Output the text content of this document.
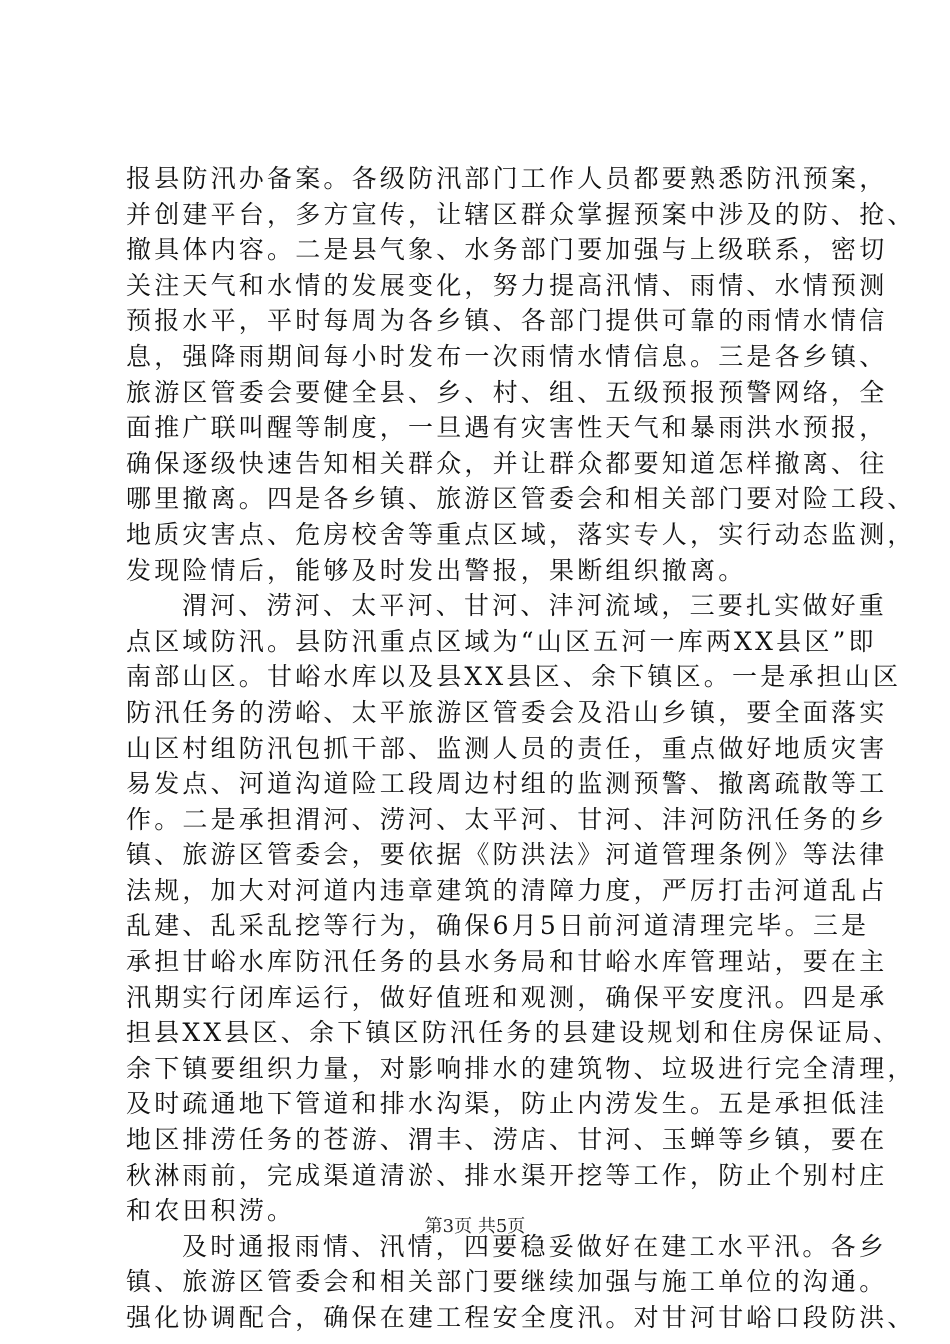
报县防汛办备案。各级防汛部门工作人员都要熟悉防汛预案，
并创建平台，多方宣传，让辖区群众掌握预案中涉及的防、抢、
撤具体内容。二是县气象、水务部门要加强与上级联系，密切
关注天气和水情的发展变化，努力提高汛情、雨情、水情预测
预报水平，平时每周为各乡镇、各部门提供可靠的雨情水情信
息，强降雨期间每小时发布一次雨情水情信息。三是各乡镇、
旅游区管委会要健全县、乡、村、组、五级预报预警网络，全
面推广联叫醒等制度，一旦遇有灾害性天气和暴雨洪水预报，
确保逐级快速告知相关群众，并让群众都要知道怎样撤离、往
哪里撤离。四是各乡镇、旅游区管委会和相关部门要对险工段、
地质灾害点、危房校舍等重点区域，落实专人，实行动态监测，
发现险情后，能够及时发出警报，果断组织撤离。
渭河、涝河、太平河、甘河、沣河流域，三要扎实做好重
点区域防汛。县防汛重点区域为“山区五河一库两XX县区”即
南部山区。甘峪水库以及县XX县区、余下镇区。一是承担山区
防汛任务的涝峪、太平旅游区管委会及沿山乡镇，要全面落实
山区村组防汛包抓干部、监测人员的责任，重点做好地质灾害
易发点、河道沟道险工段周边村组的监测预警、撤离疏散等工
作。二是承担渭河、涝河、太平河、甘河、沣河防汛任务的乡
镇、旅游区管委会，要依据《防洪法》河道管理条例》等法律
法规，加大对河道内违章建筑的清障力度，严厉打击河道乱占
乱建、乱采乱挖等行为，确保6月5日前河道清理完毕。三是
承担甘峪水库防汛任务的县水务局和甘峪水库管理站，要在主
汛期实行闭库运行，做好值班和观测，确保平安度汛。四是承
担县XX县区、余下镇区防汛任务的县建设规划和住房保证局、
余下镇要组织力量，对影响排水的建筑物、垃圾进行完全清理，
及时疏通地下管道和排水沟渠，防止内涝发生。五是承担低洼
地区排涝任务的苍游、渭丰、涝店、甘河、玉蝉等乡镇，要在
秋淋雨前，完成渠道清淤、排水渠开挖等工作，防止个别村庄
和农田积涝。
及时通报雨情、汛情，四要稳妥做好在建工水平汛。各乡
镇、旅游区管委会和相关部门要继续加强与施工单位的沟通。
强化协调配合，确保在建工程安全度汛。对甘河甘峪口段防洪、
第3页 共5页
